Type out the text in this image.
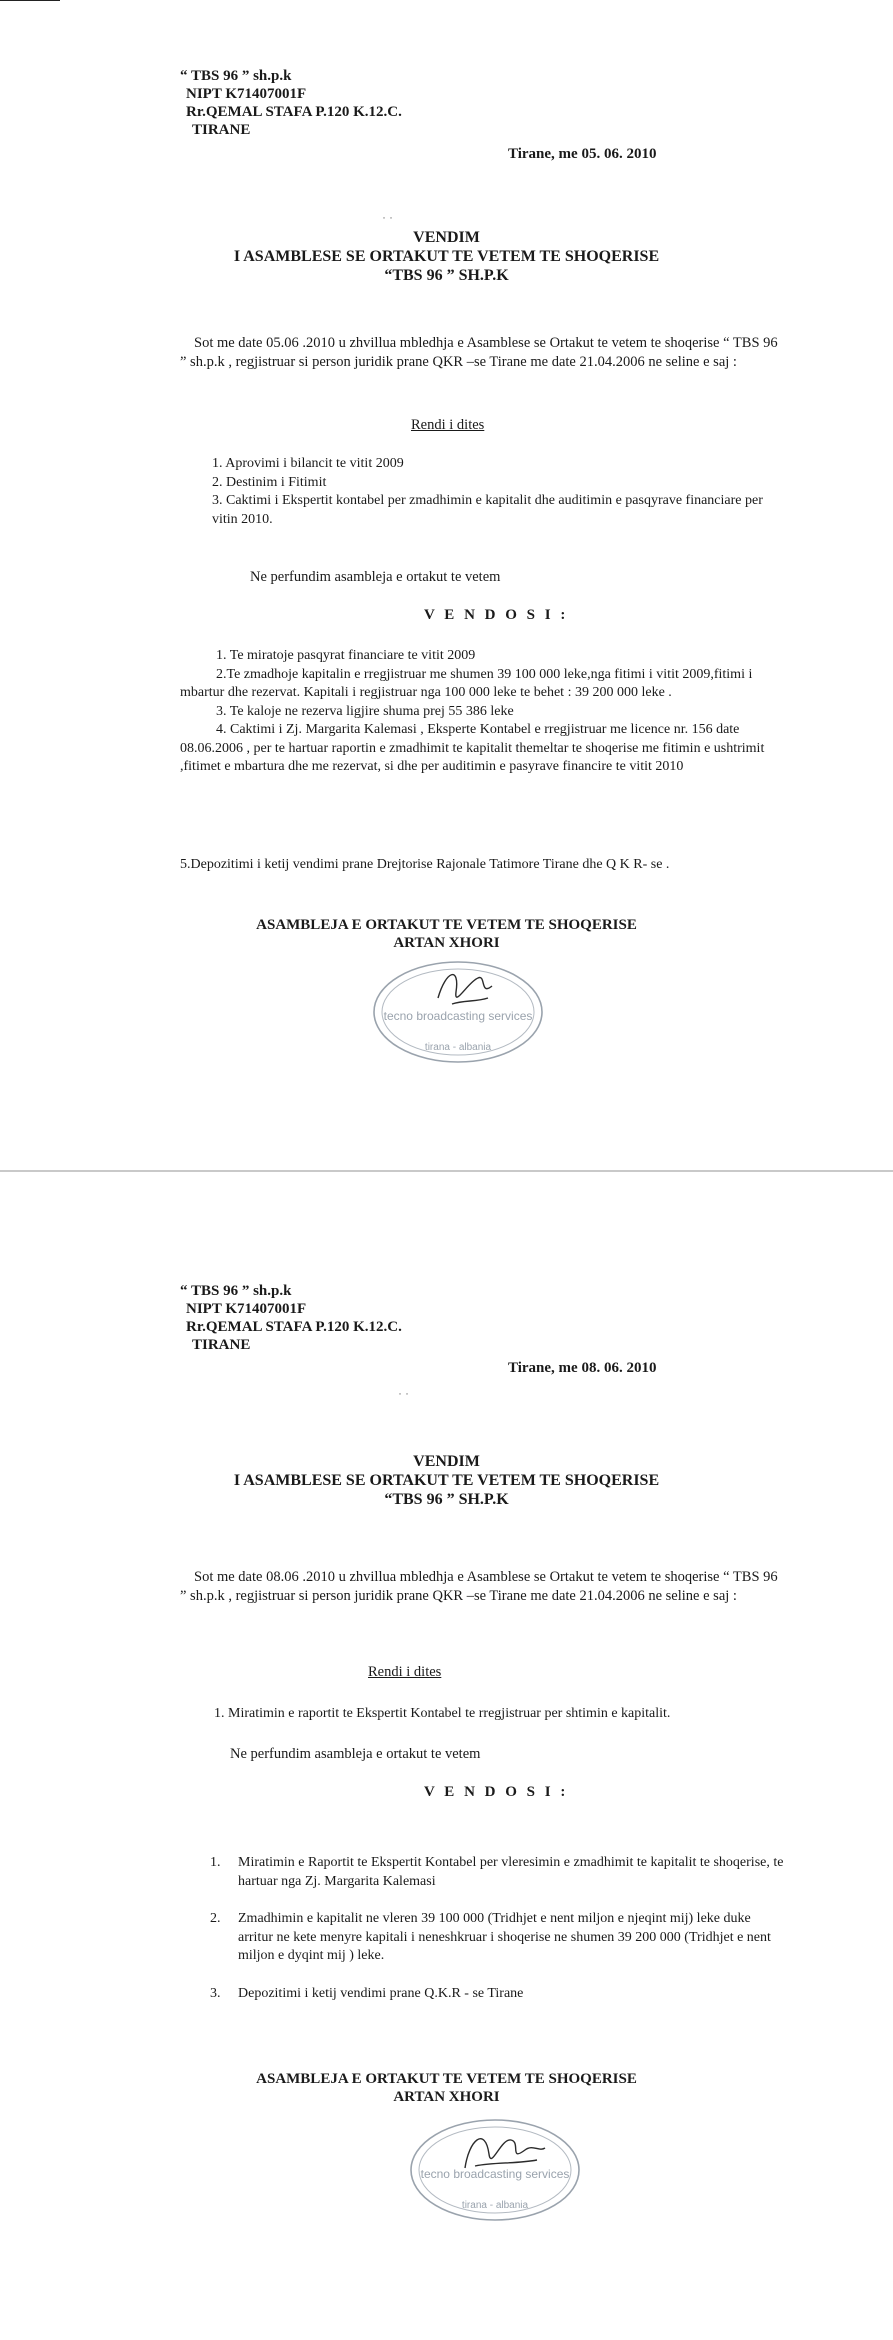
“ TBS 96 ” sh.p.k
NIPT K71407001F
Rr.QEMAL STAFA P.120 K.12.C.
TIRANE
Tirane, me 05. 06. 2010
˙ ˙
VENDIM
I ASAMBLESE SE ORTAKUT TE VETEM TE SHOQERISE
“TBS 96 ” SH.P.K

Sot me date 05.06 .2010 u zhvillua mbledhja e Asamblese se Ortakut te vetem te shoqerise “ TBS 96 ” sh.p.k , regjistruar si person juridik prane QKR –se Tirane me date 21.04.2006 ne seline e saj :

Rendi i dites
1. Aprovimi i bilancit te vitit 2009
2. Destinim i Fitimit
3. Caktimi i Ekspertit kontabel per zmadhimin e kapitalit dhe auditimin e pasqyrave financiare per vitin 2010.
Ne perfundim asambleja e ortakut te vetem
V E N D O S I :
1. Te miratoje pasqyrat financiare te vitit 2009
2.Te zmadhoje kapitalin e rregjistruar me shumen 39 100 000 leke,nga fitimi i vitit 2009,fitimi i mbartur dhe rezervat. Kapitali i regjistruar nga 100 000 leke te behet : 39 200 000 leke .
3. Te kaloje ne rezerva ligjire shuma prej 55 386 leke
4. Caktimi i Zj. Margarita Kalemasi , Eksperte Kontabel e rregjistruar me licence nr. 156 date 08.06.2006 , per te hartuar raportin e zmadhimit te kapitalit themeltar te shoqerise me fitimin e ushtrimit ,fitimet e mbartura dhe me rezervat, si dhe per auditimin e pasyrave financire te vitit 2010
5.Depozitimi i ketij vendimi prane Drejtorise Rajonale Tatimore Tirane dhe Q K R- se .
ASAMBLEJA E ORTAKUT TE VETEM TE SHOQERISE
ARTAN XHORI
tecno broadcasting services
tirana - albania
“ TBS 96 ” sh.p.k
NIPT K71407001F
Rr.QEMAL STAFA P.120 K.12.C.
TIRANE
Tirane, me 08. 06. 2010
˙ ˙
VENDIM
I ASAMBLESE SE ORTAKUT TE VETEM TE SHOQERISE
“TBS 96 ” SH.P.K

Sot me date 08.06 .2010 u zhvillua mbledhja e Asamblese se Ortakut te vetem te shoqerise “ TBS 96 ” sh.p.k , regjistruar si person juridik prane QKR –se Tirane me date 21.04.2006 ne seline e saj :

Rendi i dites
1. Miratimin e raportit te Ekspertit Kontabel te rregjistruar per shtimin e kapitalit.
Ne perfundim asambleja e ortakut te vetem
V E N D O S I :
1.	Miratimin e Raportit te Ekspertit Kontabel per vleresimin e zmadhimit te kapitalit te shoqerise, te hartuar nga Zj. Margarita Kalemasi
2.	Zmadhimin e kapitalit ne vleren 39 100 000 (Tridhjet e nent miljon e njeqint mij) leke duke arritur ne kete menyre kapitali i neneshkruar i shoqerise ne shumen 39 200 000 (Tridhjet e nent miljon e dyqint mij ) leke.
3.	Depozitimi i ketij vendimi prane Q.K.R - se Tirane
ASAMBLEJA E ORTAKUT TE VETEM TE SHOQERISE
ARTAN XHORI
tecno broadcasting services
tirana - albania
